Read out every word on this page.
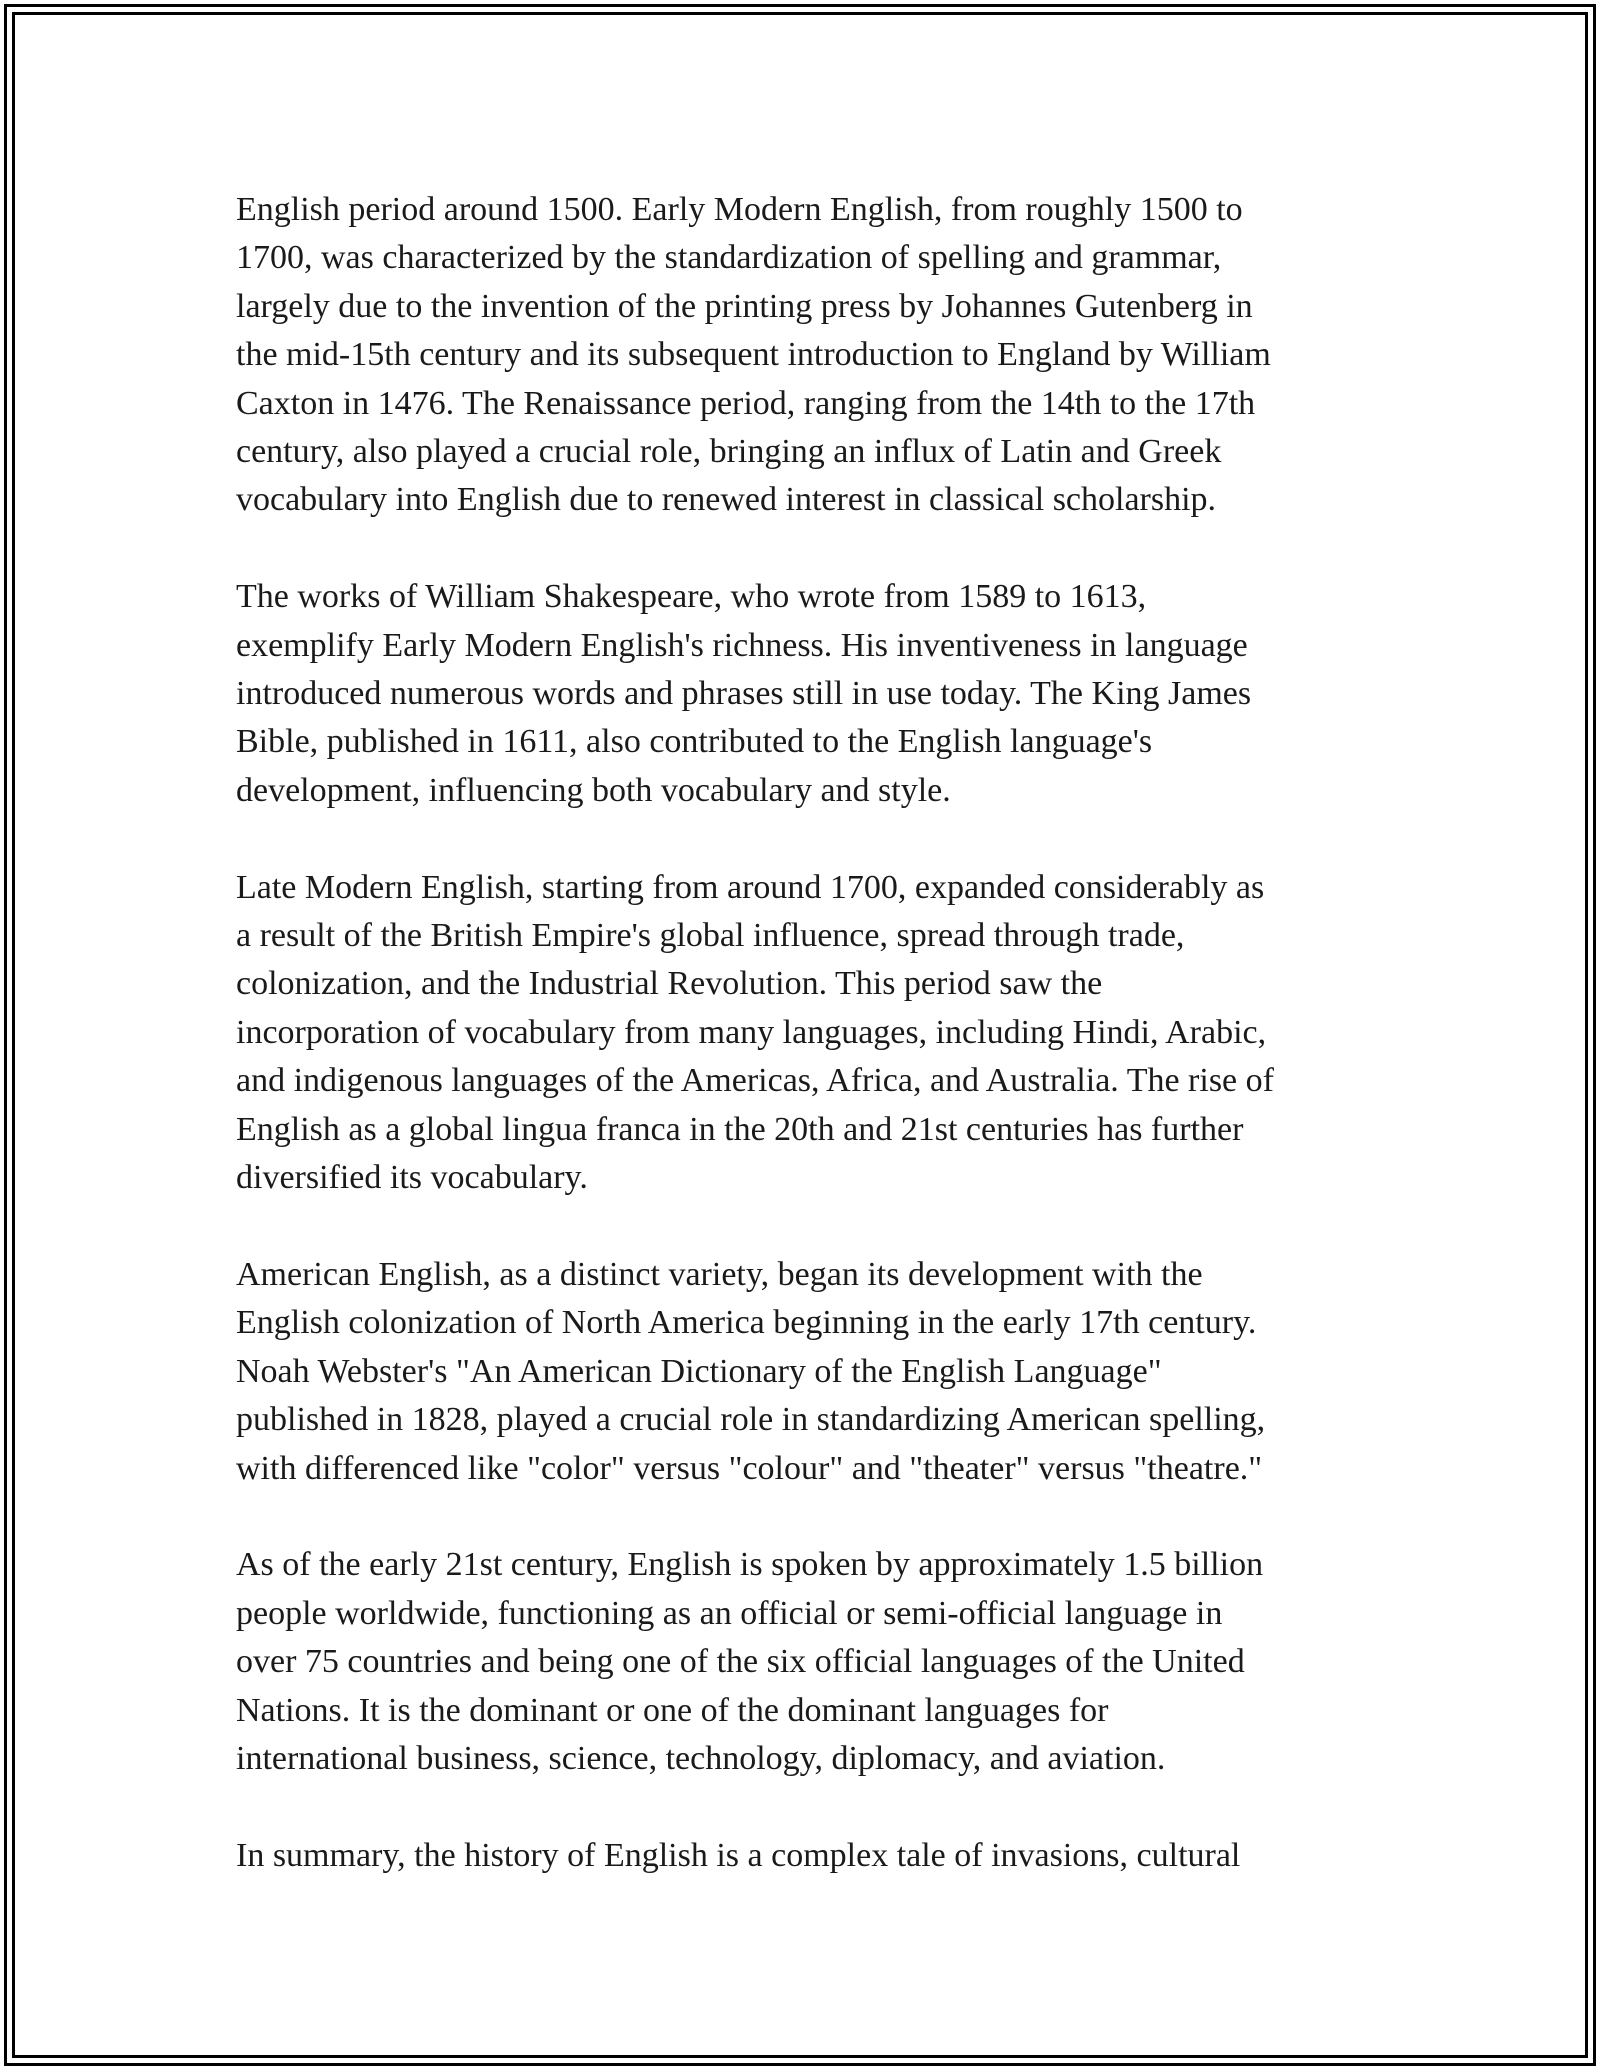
English period around 1500. Early Modern English, from roughly 1500 to
1700, was characterized by the standardization of spelling and grammar,
largely due to the invention of the printing press by Johannes Gutenberg in
the mid-15th century and its subsequent introduction to England by William
Caxton in 1476. The Renaissance period, ranging from the 14th to the 17th
century, also played a crucial role, bringing an influx of Latin and Greek
vocabulary into English due to renewed interest in classical scholarship.

The works of William Shakespeare, who wrote from 1589 to 1613,
exemplify Early Modern English's richness. His inventiveness in language
introduced numerous words and phrases still in use today. The King James
Bible, published in 1611, also contributed to the English language's
development, influencing both vocabulary and style.

Late Modern English, starting from around 1700, expanded considerably as
a result of the British Empire's global influence, spread through trade,
colonization, and the Industrial Revolution. This period saw the
incorporation of vocabulary from many languages, including Hindi, Arabic,
and indigenous languages of the Americas, Africa, and Australia. The rise of
English as a global lingua franca in the 20th and 21st centuries has further
diversified its vocabulary.

American English, as a distinct variety, began its development with the
English colonization of North America beginning in the early 17th century.
Noah Webster's "An American Dictionary of the English Language"
published in 1828, played a crucial role in standardizing American spelling,
with differenced like "color" versus "colour" and "theater" versus "theatre."

As of the early 21st century, English is spoken by approximately 1.5 billion
people worldwide, functioning as an official or semi-official language in
over 75 countries and being one of the six official languages of the United
Nations. It is the dominant or one of the dominant languages for
international business, science, technology, diplomacy, and aviation.

In summary, the history of English is a complex tale of invasions, cultural
